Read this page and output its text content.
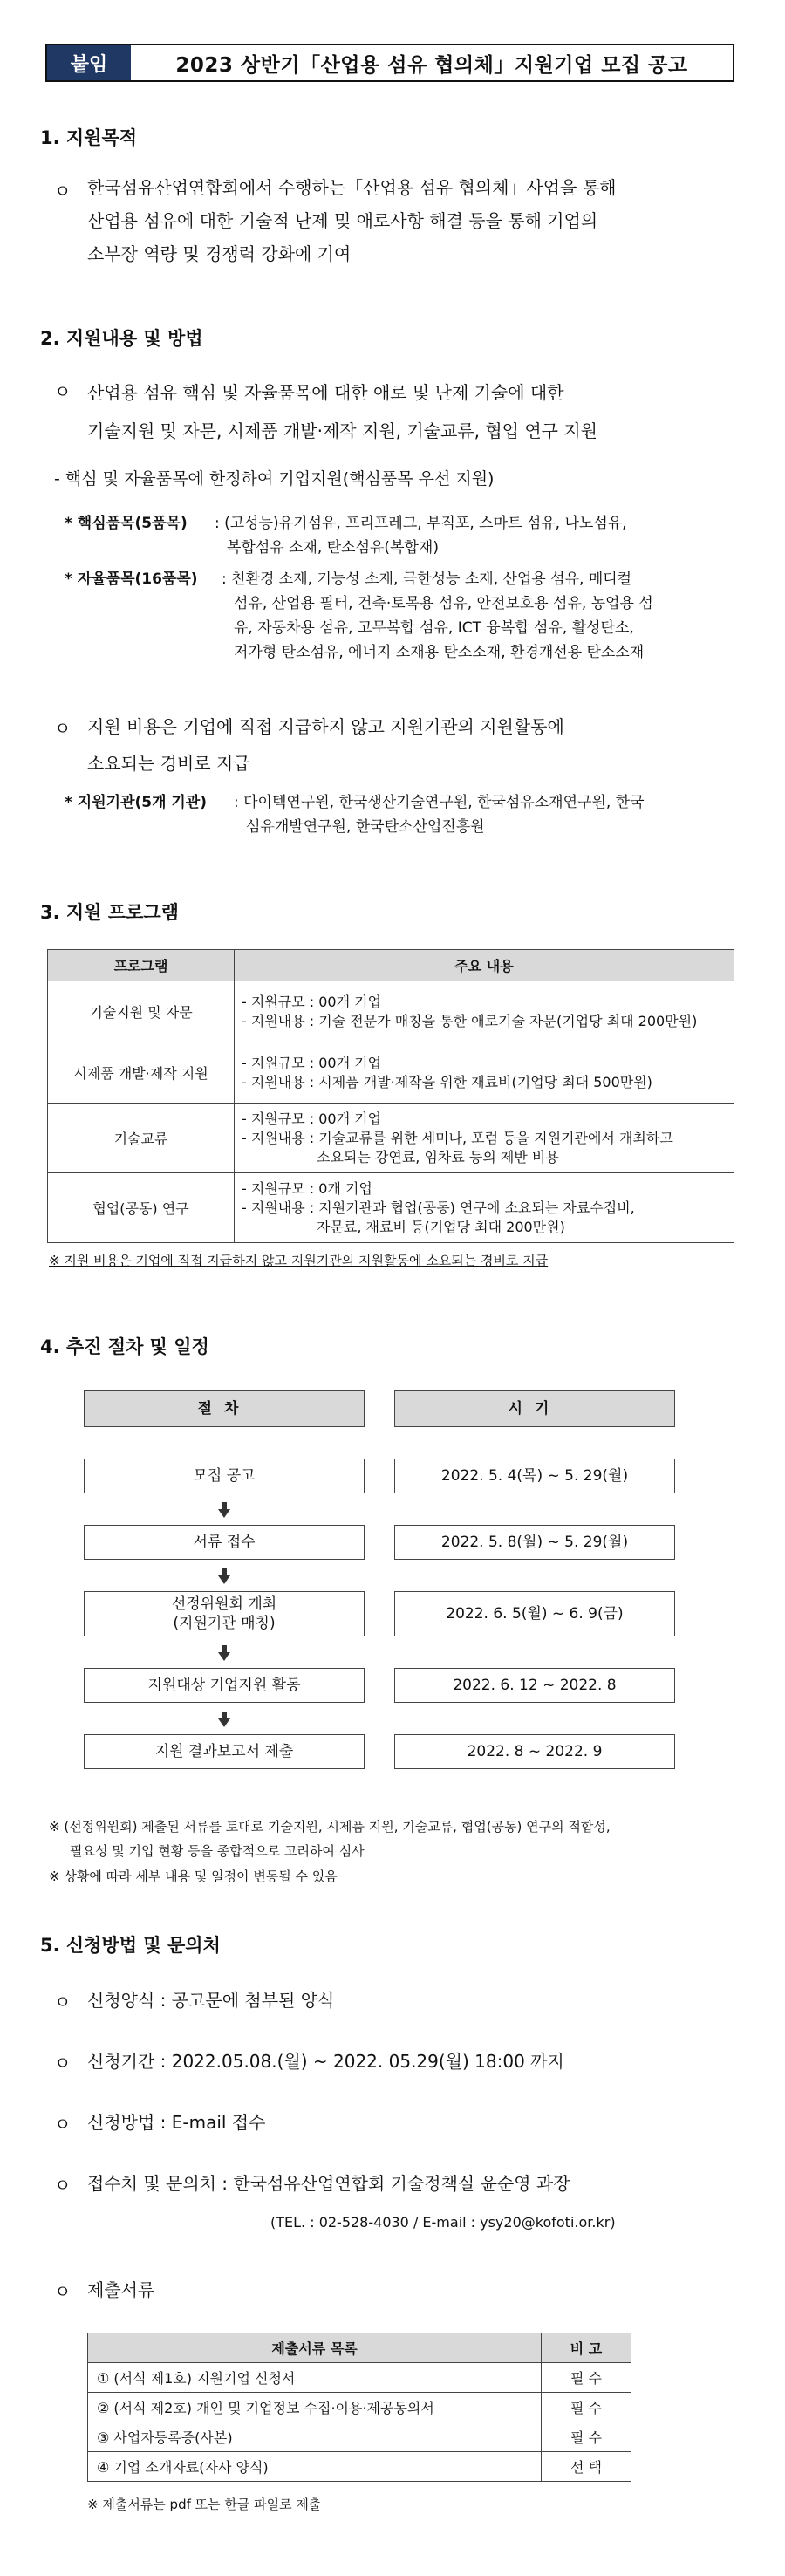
붙임	2023 상반기「산업용 섬유 협의체」지원기업 모집 공고
1. 지원목적
ㅇ 한국섬유산업연합회에서 수행하는「산업용 섬유 협의체」사업을 통해
산업용 섬유에 대한 기술적 난제 및 애로사항 해결 등을 통해 기업의
소부장 역량 및 경쟁력 강화에 기여
2. 지원내용 및 방법
ㅇ 산업용 섬유 핵심 및 자율품목에 대한 애로 및 난제 기술에 대한
기술지원 및 자문, 시제품 개발·제작 지원, 기술교류, 협업 연구 지원
- 핵심 및 자율품목에 한정하여 기업지원(핵심품목 우선 지원)
* 핵심품목(5품목) : (고성능)유기섬유, 프리프레그, 부직포, 스마트 섬유, 나노섬유,
복합섬유 소재, 탄소섬유(복합재)
* 자율품목(16품목) : 친환경 소재, 기능성 소재, 극한성능 소재, 산업용 섬유, 메디컬
섬유, 산업용 필터, 건축·토목용 섬유, 안전보호용 섬유, 농업용 섬
유, 자동차용 섬유, 고무복합 섬유, ICT 융복합 섬유, 활성탄소,
저가형 탄소섬유, 에너지 소재용 탄소소재, 환경개선용 탄소소재
ㅇ 지원 비용은 기업에 직접 지급하지 않고 지원기관의 지원활동에
소요되는 경비로 지급
* 지원기관(5개 기관) : 다이텍연구원, 한국생산기술연구원, 한국섬유소재연구원, 한국
섬유개발연구원, 한국탄소산업진흥원
3. 지원 프로그램
프로그램	주요 내용
기술지원 및 자문	- 지원규모 : 00개 기업
- 지원내용 : 기술 전문가 매칭을 통한 애로기술 자문(기업당 최대 200만원)

시제품 개발·제작 지원	- 지원규모 : 00개 기업
- 지원내용 : 시제품 개발·제작을 위한 재료비(기업당 최대 500만원)

기술교류	- 지원규모 : 00개 기업
- 지원내용 : 기술교류를 위한 세미나, 포럼 등을 지원기관에서 개최하고
소요되는 강연료, 임차료 등의 제반 비용

협업(공동) 연구	- 지원규모 : 0개 기업
- 지원내용 : 지원기관과 협업(공동) 연구에 소요되는 자료수집비,
자문료, 재료비 등(기업당 최대 200만원)
※ 지원 비용은 기업에 직접 지급하지 않고 지원기관의 지원활동에 소요되는 경비로 지급
4. 추진 절차 및 일정
절차	시기
모집 공고	2022. 5. 4(목) ~ 5. 29(월)
서류 접수	2022. 5. 8(월) ~ 5. 29(월)
선정위원회 개최
(지원기관 매칭)
2022. 6. 5(월) ~ 6. 9(금)
지원대상 기업지원 활동	2022. 6. 12 ~ 2022. 8
지원 결과보고서 제출	2022. 8 ~ 2022. 9
※ (선정위원회) 제출된 서류를 토대로 기술지원, 시제품 지원, 기술교류, 협업(공동) 연구의 적합성,
필요성 및 기업 현황 등을 종합적으로 고려하여 심사
※ 상황에 따라 세부 내용 및 일정이 변동될 수 있음
5. 신청방법 및 문의처
ㅇ 신청양식 : 공고문에 첨부된 양식
ㅇ 신청기간 : 2022.05.08.(월) ~ 2022. 05.29(월) 18:00 까지
ㅇ 신청방법 : E-mail 접수
ㅇ 접수처 및 문의처 : 한국섬유산업연합회 기술정책실 윤순영 과장
(TEL. : 02-528-4030 / E-mail : ysy20@kofoti.or.kr)
ㅇ 제출서류
제출서류 목록	비 고
① (서식 제1호) 지원기업 신청서	필 수
② (서식 제2호) 개인 및 기업정보 수집·이용·제공동의서	필 수
③ 사업자등록증(사본)	필 수
④ 기업 소개자료(자사 양식)	선 택
※ 제출서류는 pdf 또는 한글 파일로 제출
